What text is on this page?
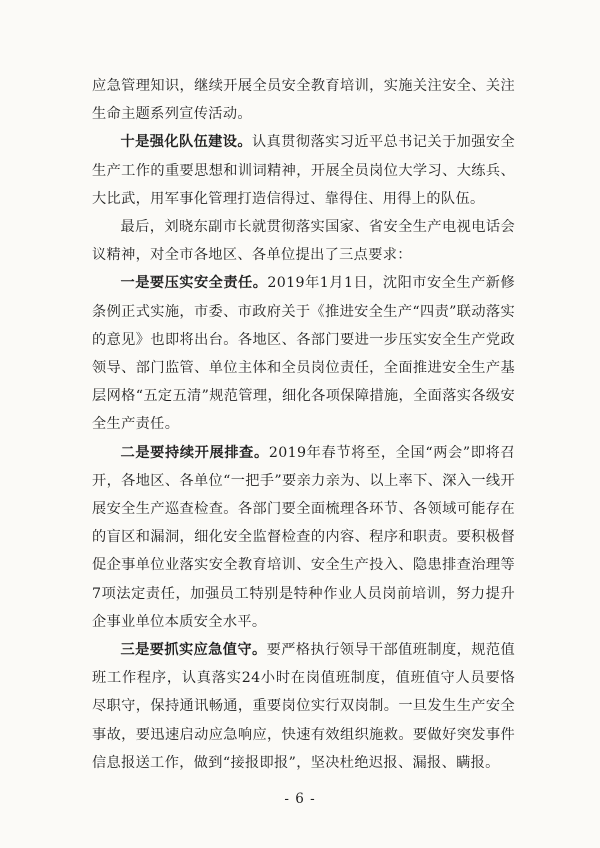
应急管理知识，继续开展全员安全教育培训，实施关注安全、关注生命主题系列宣传活动。

十是强化队伍建设。认真贯彻落实习近平总书记关于加强安全生产工作的重要思想和训词精神，开展全员岗位大学习、大练兵、大比武，用军事化管理打造信得过、靠得住、用得上的队伍。

最后，刘晓东副市长就贯彻落实国家、省安全生产电视电话会议精神，对全市各地区、各单位提出了三点要求：

一是要压实安全责任。2019年1月1日，沈阳市安全生产新修条例正式实施，市委、市政府关于《推进安全生产“四责”联动落实的意见》也即将出台。各地区、各部门要进一步压实安全生产党政领导、部门监管、单位主体和全员岗位责任，全面推进安全生产基层网格“五定五清”规范管理，细化各项保障措施，全面落实各级安全生产责任。

二是要持续开展排查。2019年春节将至，全国“两会”即将召开，各地区、各单位“一把手”要亲力亲为、以上率下、深入一线开展安全生产巡查检查。各部门要全面梳理各环节、各领域可能存在的盲区和漏洞，细化安全监督检查的内容、程序和职责。要积极督促企事单位业落实安全教育培训、安全生产投入、隐患排查治理等7项法定责任，加强员工特别是特种作业人员岗前培训，努力提升企事业单位本质安全水平。

三是要抓实应急值守。要严格执行领导干部值班制度，规范值班工作程序，认真落实24小时在岗值班制度，值班值守人员要恪尽职守，保持通讯畅通，重要岗位实行双岗制。一旦发生生产安全事故，要迅速启动应急响应，快速有效组织施救。要做好突发事件信息报送工作，做到“接报即报”，坚决杜绝迟报、漏报、瞒报。

- 6 -
